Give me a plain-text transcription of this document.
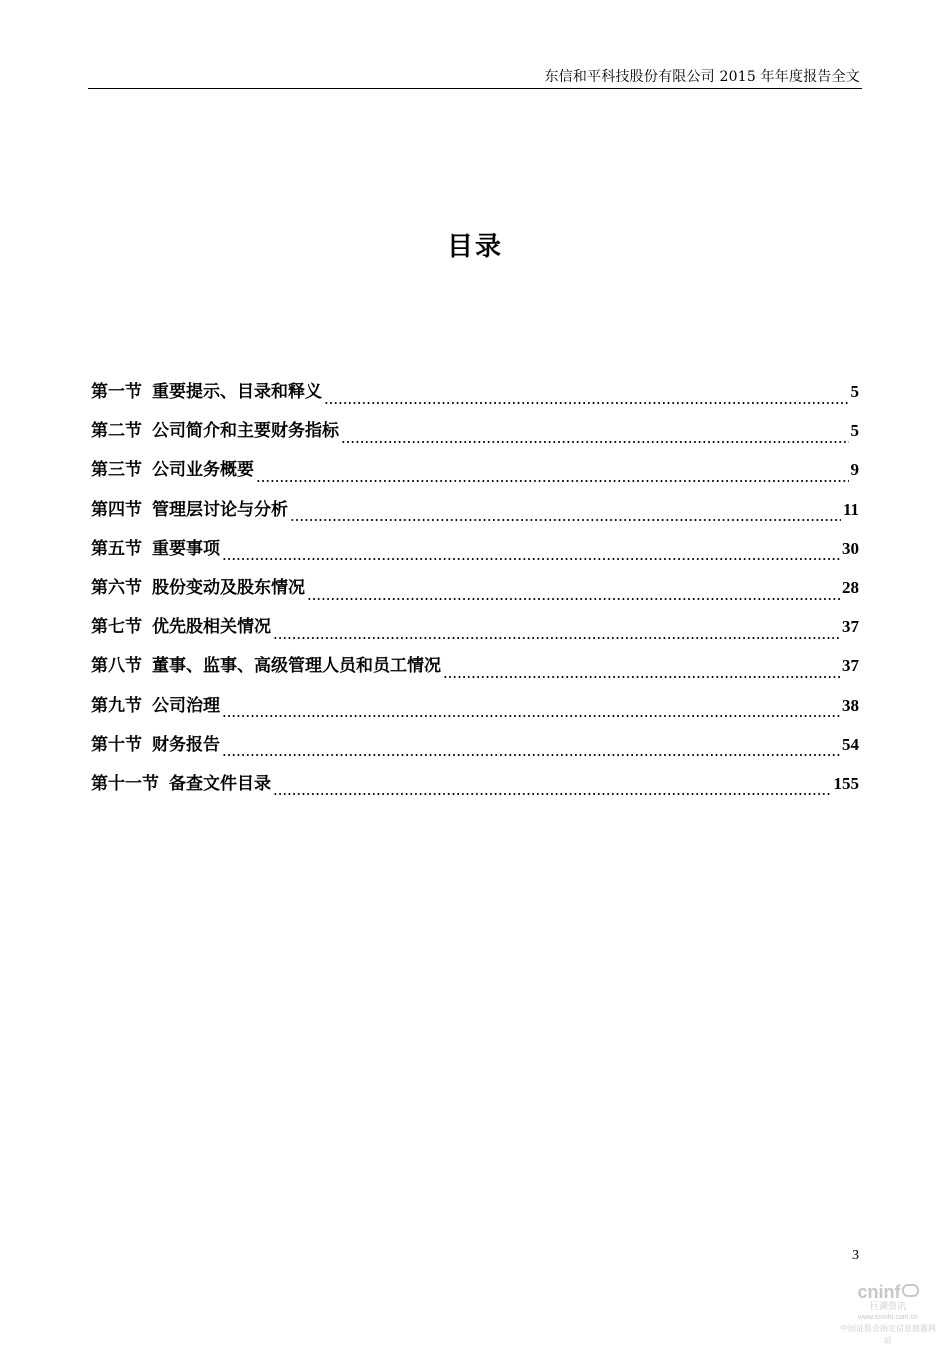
东信和平科技股份有限公司 2015 年年度报告全文
目录
第一节 重要提示、目录和释义	5
第二节 公司简介和主要财务指标	5
第三节 公司业务概要	9
第四节 管理层讨论与分析	11
第五节 重要事项	30
第六节 股份变动及股东情况	28
第七节 优先股相关情况	37
第八节 董事、监事、高级管理人员和员工情况	37
第九节 公司治理	38
第十节 财务报告	54
第十一节 备查文件目录	155
3
cninf
巨潮资讯
www.cninfo.com.cn
中国证监会指定信息披露网站
